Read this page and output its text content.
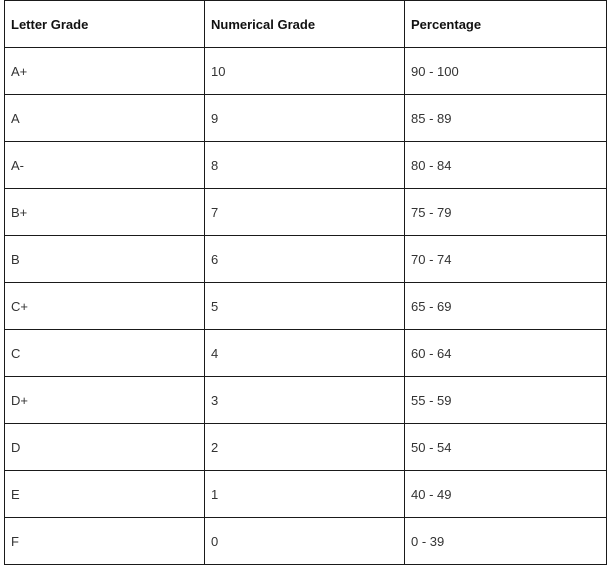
Letter Grade	Numerical Grade	Percentage
A+	10	90 - 100
A	9	85 - 89
A-	8	80 - 84
B+	7	75 - 79
B	6	70 - 74
C+	5	65 - 69
C	4	60 - 64
D+	3	55 - 59
D	2	50 - 54
E	1	40 - 49
F	0	0 - 39
